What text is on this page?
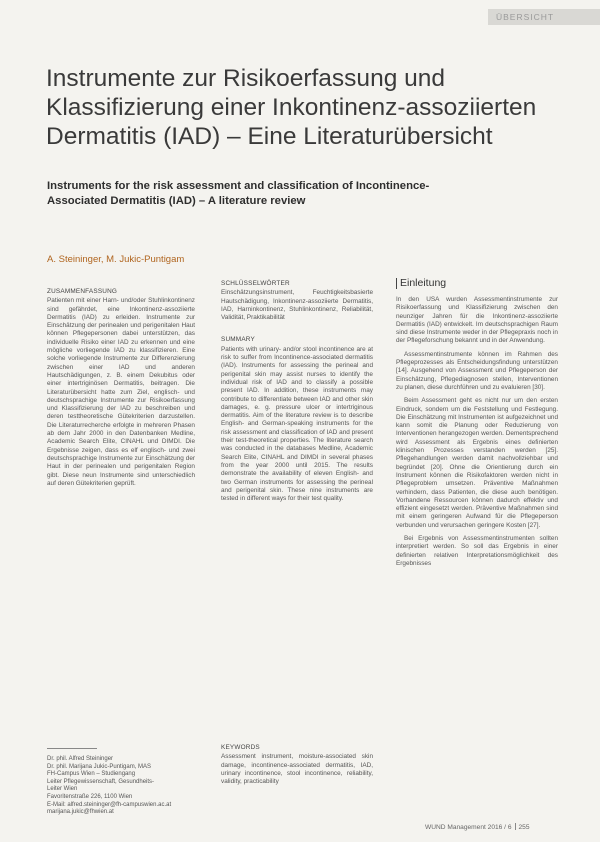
ÜBERSICHT
Instrumente zur Risikoerfassung und Klassifizierung einer Inkontinenz-assoziierten Dermatitis (IAD) – Eine Literaturübersicht
Instruments for the risk assessment and classification of Incontinence-Associated Dermatitis (IAD) – A literature review
A. Steininger, M. Jukic-Puntigam
ZUSAMMENFASSUNG
Patienten mit einer Harn- und/oder Stuhlinkontinenz sind gefährdet, eine Inkontinenz-assoziierte Dermatitis (IAD) zu erleiden. Instrumente zur Einschätzung der perinealen und perigenitalen Haut können Pflegepersonen dabei unterstützen, das individuelle Risiko einer IAD zu erkennen und eine mögliche vorliegende IAD zu klassifizieren. Eine solche vorliegende Instrumente zur Differenzierung zwischen einer IAD und anderen Hautschädigungen, z. B. einem Dekubitus oder einer intertriginösen Dermatitis, beitragen. Die Literaturübersicht hatte zum Ziel, englisch- und deutschsprachige Instrumente zur Risikoerfassung und Klassifizierung der IAD zu beschreiben und deren testtheoretische Gütekriterien darzustellen. Die Literaturrecherche erfolgte in mehreren Phasen ab dem Jahr 2000 in den Datenbanken Medline, Academic Search Elite, CINAHL und DIMDI. Die Ergebnisse zeigen, dass es elf englisch- und zwei deutschsprachige Instrumente zur Einschätzung der Haut in der perinealen und perigenitalen Region gibt. Diese neun Instrumente sind unterschiedlich auf deren Gütekriterien geprüft.
Dr. phil. Alfred Steininger
Dr. phil. Marijana Jukic-Puntigam, MAS
FH-Campus Wien – Studiengang
Leiter Pflegewissenschaft, Gesundheits-
Leiter Wien
Favoritenstraße 226, 1100 Wien
E-Mail: alfred.steininger@fh-campuswien.ac.at
marijana.jukic@fhwien.at
SCHLÜSSELWÖRTER
Einschätzungsinstrument, Feuchtigkeitsbasierte Hautschädigung, Inkontinenz-assoziierte Dermatitis, IAD, Harninkontinenz, Stuhlinkontinenz, Reliabilität, Validität, Praktikabilität
SUMMARY
Patients with urinary- and/or stool incontinence are at risk to suffer from Incontinence-associated dermatitis (IAD). Instruments for assessing the perineal and perigenital skin may assist nurses to identify the individual risk of IAD and to classify a possible present IAD. In addition, these instruments may contribute to differentiate between IAD and other skin damages, e. g. pressure ulcer or intertriginous dermatitis. Aim of the literature review is to describe English- and German-speaking instruments for the risk assessment and classification of IAD and present their test-theoretical properties. The literature search was conducted in the databases Medline, Academic Search Elite, CINAHL and DIMDI in several phases from the year 2000 until 2015. The results demonstrate the availability of eleven English- and two German instruments for assessing the perineal and perigenital skin. These nine instruments are tested in different ways for their test quality.
KEYWORDS
Assessment instrument, moisture-associated skin damage, incontinence-associated dermatitis, IAD, urinary incontinence, stool incontinence, reliability, validity, practicability
Einleitung

In den USA wurden Assessmentinstrumente zur Risikoerfassung und Klassifizierung zwischen den neunziger Jahren für die Inkontinenz-assoziierte Dermatitis (IAD) entwickelt. Im deutschsprachigen Raum sind diese Instrumente weder in der Pflegepraxis noch in der Pflegeforschung bekannt und in der Anwendung.

Assessmentinstrumente können im Rahmen des Pflegeprozesses als Entscheidungsfindung unterstützen [14]. Ausgehend von Assessment und Pflegeperson der Einschätzung, Pflegediagnosen stellen, Interventionen zu planen, diese durchführen und zu evaluieren [30].

Beim Assessment geht es nicht nur um den ersten Eindruck, sondern um die Feststellung und Festlegung. Die Einschätzung mit Instrumenten ist aufgezeichnet und kann somit die Planung oder Reduzierung von Interventionen herangezogen werden. Dementsprechend wird Assessment als Ergebnis eines definierten klinischen Prozesses verstanden werden [25]. Pflegehandlungen werden damit nachvollziehbar und begründet [20]. Ohne die Orientierung durch ein Instrument können die Risikofaktoren werden nicht in Pflegeproblem umsetzen. Präventive Maßnahmen verhindern, dass Patienten, die diese auch benötigen. Vorhandene Ressourcen können dadurch effektiv und effizient eingesetzt werden. Präventive Maßnahmen sind mit einem geringeren Aufwand für die Pflegeperson verbunden und verursachen geringere Kosten [27].

Bei Ergebnis von Assessmentinstrumenten sollten interpretiert werden. So soll das Ergebnis in einer definierten relativen Interpretationsmöglichkeit des Ergebnisses

WUND Management 2016 / 6 255
